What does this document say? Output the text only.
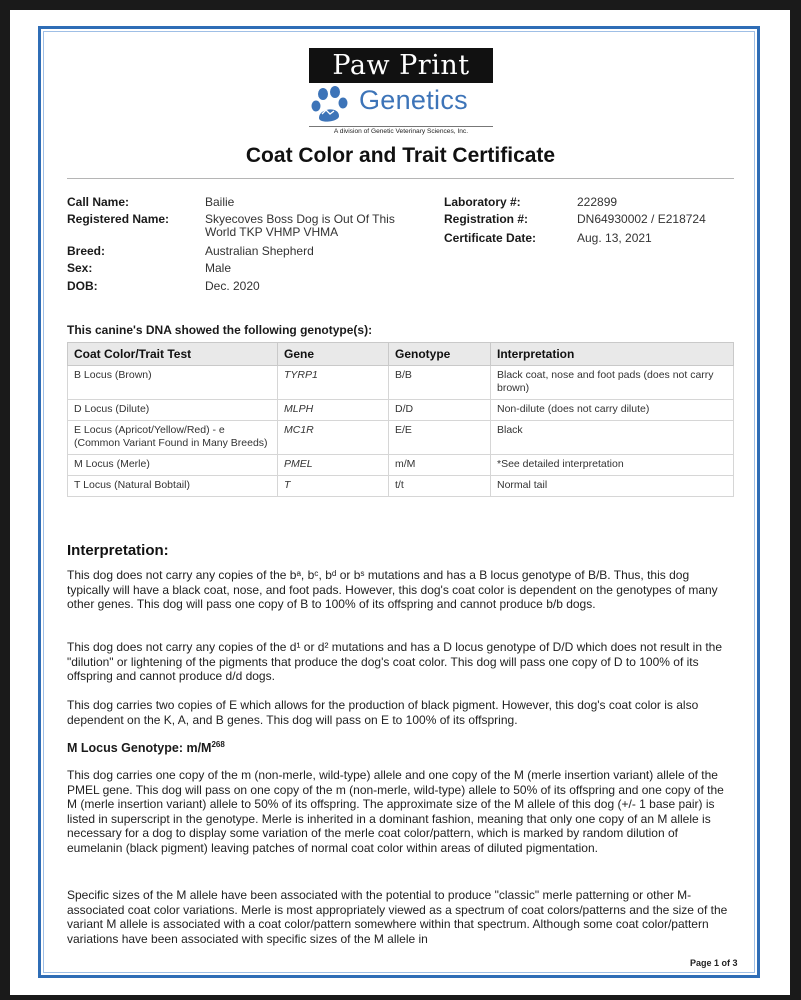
Paw Print
Genetics
A division of Genetic Veterinary Sciences, Inc.
Coat Color and Trait Certificate
Call Name:	Bailie
Registered Name:	Skyecoves Boss Dog is Out Of This
World TKP VHMP VHMA
Breed:	Australian Shepherd
Sex:	Male
DOB:	Dec. 2020
Laboratory #:	222899
Registration #:	DN64930002 / E218724
Certificate Date:	Aug. 13, 2021
This canine's DNA showed the following genotype(s):
Coat Color/Trait Test	Gene	Genotype	Interpretation
B Locus (Brown)	TYRP1	B/B	Black coat, nose and foot pads (does not carry brown)
D Locus (Dilute)	MLPH	D/D	Non-dilute (does not carry dilute)
E Locus (Apricot/Yellow/Red) - e (Common Variant Found in Many Breeds)	MC1R	E/E	Black
M Locus (Merle)	PMEL	m/M	*See detailed interpretation
T Locus (Natural Bobtail)	T	t/t	Normal tail
Interpretation:
This dog does not carry any copies of the bᵃ, bᶜ, bᵈ or bˢ mutations and has a B locus genotype of B/B. Thus, this dog typically will have a black coat, nose, and foot pads. However, this dog's coat color is dependent on the genotypes of many other genes. This dog will pass one copy of B to 100% of its offspring and cannot produce b/b dogs.
This dog does not carry any copies of the d¹ or d² mutations and has a D locus genotype of D/D which does not result in the "dilution" or lightening of the pigments that produce the dog's coat color. This dog will pass one copy of D to 100% of its offspring and cannot produce d/d dogs.
This dog carries two copies of E which allows for the production of black pigment. However, this dog's coat color is also dependent on the K, A, and B genes. This dog will pass on E to 100% of its offspring.
M Locus Genotype: $m/M^{268}$
This dog carries one copy of the m (non-merle, wild-type) allele and one copy of the M (merle insertion variant) allele of the PMEL gene. This dog will pass on one copy of the m (non-merle, wild-type) allele to 50% of its offspring and one copy of the M (merle insertion variant) allele to 50% of its offspring. The approximate size of the M allele of this dog (+/- 1 base pair) is listed in superscript in the genotype. Merle is inherited in a dominant fashion, meaning that only one copy of an M allele is necessary for a dog to display some variation of the merle coat color/pattern, which is marked by random dilution of eumelanin (black pigment) leaving patches of normal coat color within areas of diluted pigmentation.
Specific sizes of the M allele have been associated with the potential to produce "classic" merle patterning or other M-associated coat color variations. Merle is most appropriately viewed as a spectrum of coat colors/patterns and the size of the variant M allele is associated with a coat color/pattern somewhere within that spectrum. Although some coat color/pattern variations have been associated with specific sizes of the M allele in
Page 1 of 3
